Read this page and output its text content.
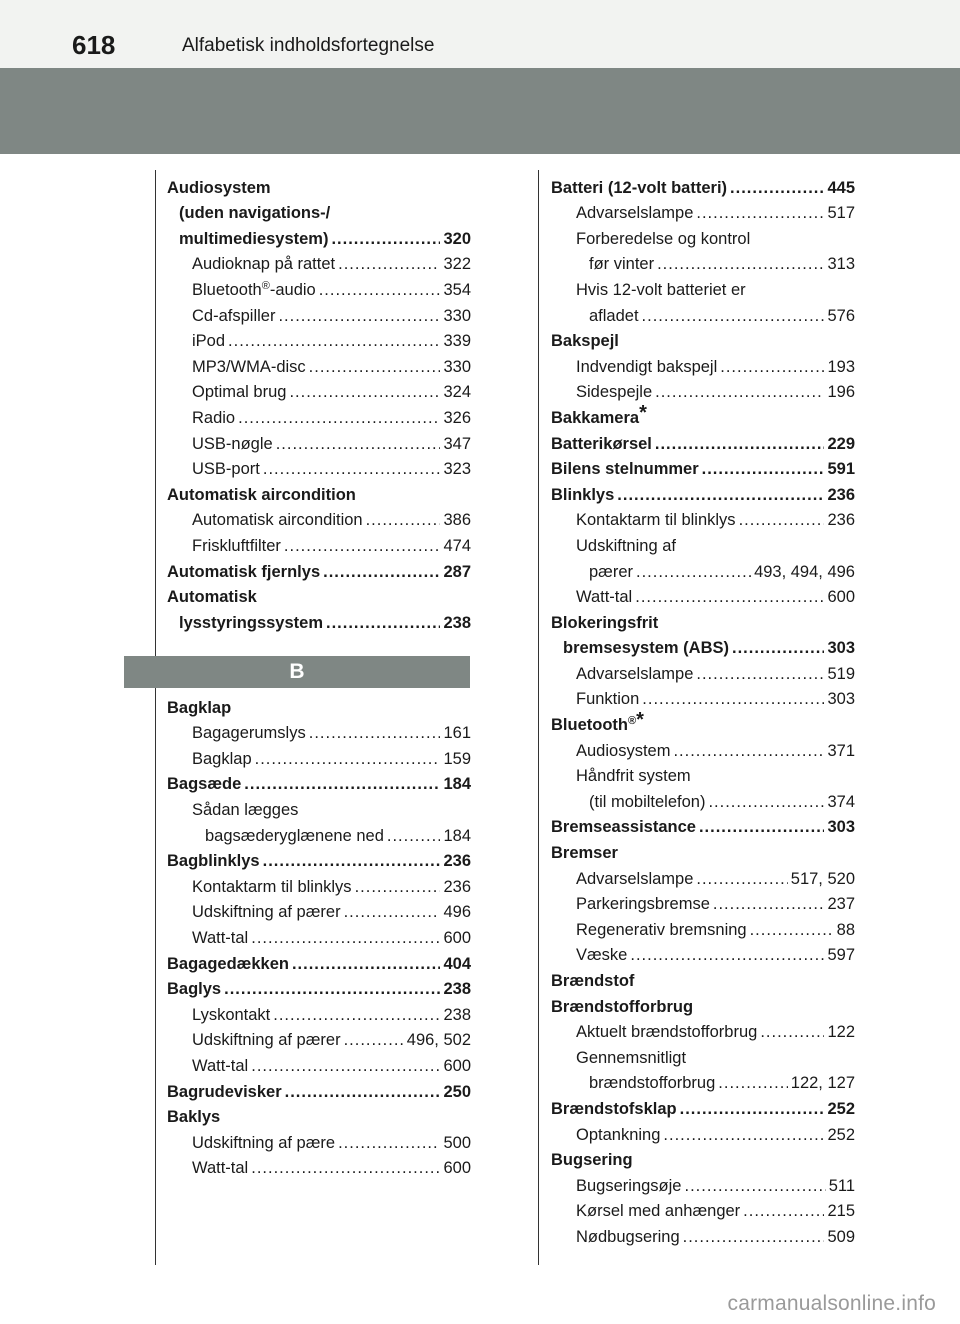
618	Alfabetisk indholdsfortegnelse
Audiosystem
(uden navigations-/
multimediesystem) .....	320
Audioknap på rattet .....	322
Bluetooth®-audio .....	354
Cd-afspiller .....	330
iPod .....	339
MP3/WMA-disc .....	330
Optimal brug .....	324
Radio .....	326
USB-nøgle .....	347
USB-port .....	323
Automatisk aircondition
Automatisk aircondition .....	386
Friskluftfilter .....	474
Automatisk fjernlys .....	287
Automatisk
lysstyringssystem .....	238
B
Bagklap
Bagagerumslys .....	161
Bagklap .....	159
Bagsæde .....	184
Sådan lægges
bagsæderyglænene ned .....	184
Bagblinklys .....	236
Kontaktarm til blinklys .....	236
Udskiftning af pærer .....	496
Watt-tal .....	600
Bagagedækken .....	404
Baglys .....	238
Lyskontakt .....	238
Udskiftning af pærer .....	496, 502
Watt-tal .....	600
Bagrudevisker .....	250
Baklys
Udskiftning af pære .....	500
Watt-tal .....	600
Batteri (12-volt batteri) .....	445
Advarselslampe .....	517
Forberedelse og kontrol
før vinter .....	313
Hvis 12-volt batteriet er
afladet .....	576
Bakspejl
Indvendigt bakspejl .....	193
Sidespejle .....	196
Bakkamera*
Batterikørsel .....	229
Bilens stelnummer .....	591
Blinklys .....	236
Kontaktarm til blinklys .....	236
Udskiftning af
pærer .....	493, 494, 496
Watt-tal .....	600
Blokeringsfrit
bremsesystem (ABS) .....	303
Advarselslampe .....	519
Funktion .....	303
Bluetooth®*
Audiosystem .....	371
Håndfrit system
(til mobiltelefon) .....	374
Bremseassistance .....	303
Bremser
Advarselslampe .....	517, 520
Parkeringsbremse .....	237
Regenerativ bremsning .....	88
Væske .....	597
Brændstof
Brændstofforbrug
Aktuelt brændstofforbrug .....	122
Gennemsnitligt
brændstofforbrug .....	122, 127
Brændstofsklap .....	252
Optankning .....	252
Bugsering
Bugseringsøje .....	511
Kørsel med anhænger .....	215
Nødbugsering .....	509
carmanualsonline.info
